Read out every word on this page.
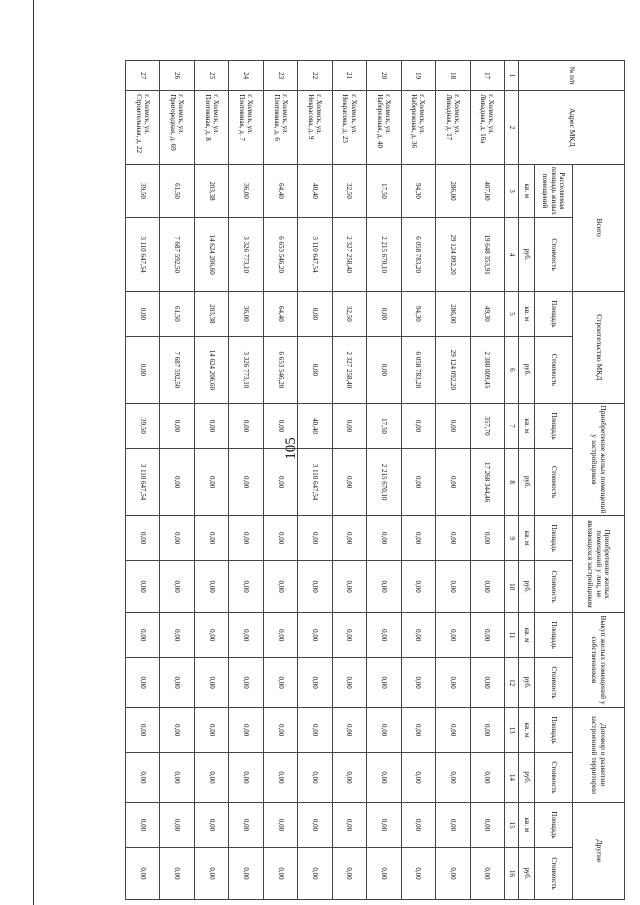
105
№ п/п	Адрес МКД	Всего		Строительство МКД		Приобретение жилых помещений у застройщиков		Приобретение жилых помещений у лиц, не являющихся застройщиком		Выкуп жилых помещений у собственников		Договор о развитии застроенной территории		Другие	
		Расселяемая площадь жилых помещений	Стоимость	Площадь	Стоимость	Площадь	Стоимость	Площадь	Стоимость	Площадь	Стоимость	Площадь	Стоимость	Площадь	Стоимость
		кв. м	руб.	кв. м	руб.	кв. м	руб.	кв. м	руб.	кв. м	руб.	кв. м	руб.	кв. м	руб.
1	2	3	4	5	6	7	8	9	10	11	12	13	14	15	16
17	г. Холмск, ул. Ливадная, д. 16а	407,00	19 648 353,91	49,30	2 380 009,45	357,70	17 268 344,46	0,00	0,00	0,00	0,00	0,00	0,00	0,00	0,00
18	г. Холмск, ул. Ливадная, д. 17	286,00	29 124 092,20	286,00	29 124 092,20	0,00	0,00	0,00	0,00	0,00	0,00	0,00	0,00	0,00	0,00
19	г. Холмск, ул. Набережная, д. 36	94,30	6 058 783,20	94,30	6 058 783,20	0,00	0,00	0,00	0,00	0,00	0,00	0,00	0,00	0,00	0,00
20	г. Холмск, ул. Набережная, д. 40	17,50	2 215 670,10	0,00	0,00	17,50	2 215 670,10	0,00	0,00	0,00	0,00	0,00	0,00	0,00	0,00
21	г. Холмск, ул. Некрасова, д. 23	32,50	2 327 258,40	32,50	2 327 258,40	0,00	0,00	0,00	0,00	0,00	0,00	0,00	0,00	0,00	0,00
22	г. Холмск, ул. Некрасова, д. 9	40,40	3 110 647,54	0,00	0,00	40,40	3 110 647,54	0,00	0,00	0,00	0,00	0,00	0,00	0,00	0,00
23	г. Холмск, ул. Плотинная, д. 6	64,40	6 653 546,20	64,40	6 653 546,20	0,00	0,00	0,00	0,00	0,00	0,00	0,00	0,00	0,00	0,00
24	г. Холмск, ул. Плотинная, д. 7	36,00	3 326 773,10	36,00	3 326 773,10	0,00	0,00	0,00	0,00	0,00	0,00	0,00	0,00	0,00	0,00
25	г. Холмск, ул. Плотинная, д. 8	203,38	14 624 206,60	203,38	14 624 206,60	0,00	0,00	0,00	0,00	0,00	0,00	0,00	0,00	0,00	0,00
26	г. Холмск, ул. Пригородная, д. 69	61,50	7 687 592,50	61,50	7 687 592,50	0,00	0,00	0,00	0,00	0,00	0,00	0,00	0,00	0,00	0,00
27	г. Холмск, ул. Строительная, д. 22	39,50	3 110 647,54	0,00	0,00	39,50	3 110 647,54	0,00	0,00	0,00	0,00	0,00	0,00	0,00	0,00
